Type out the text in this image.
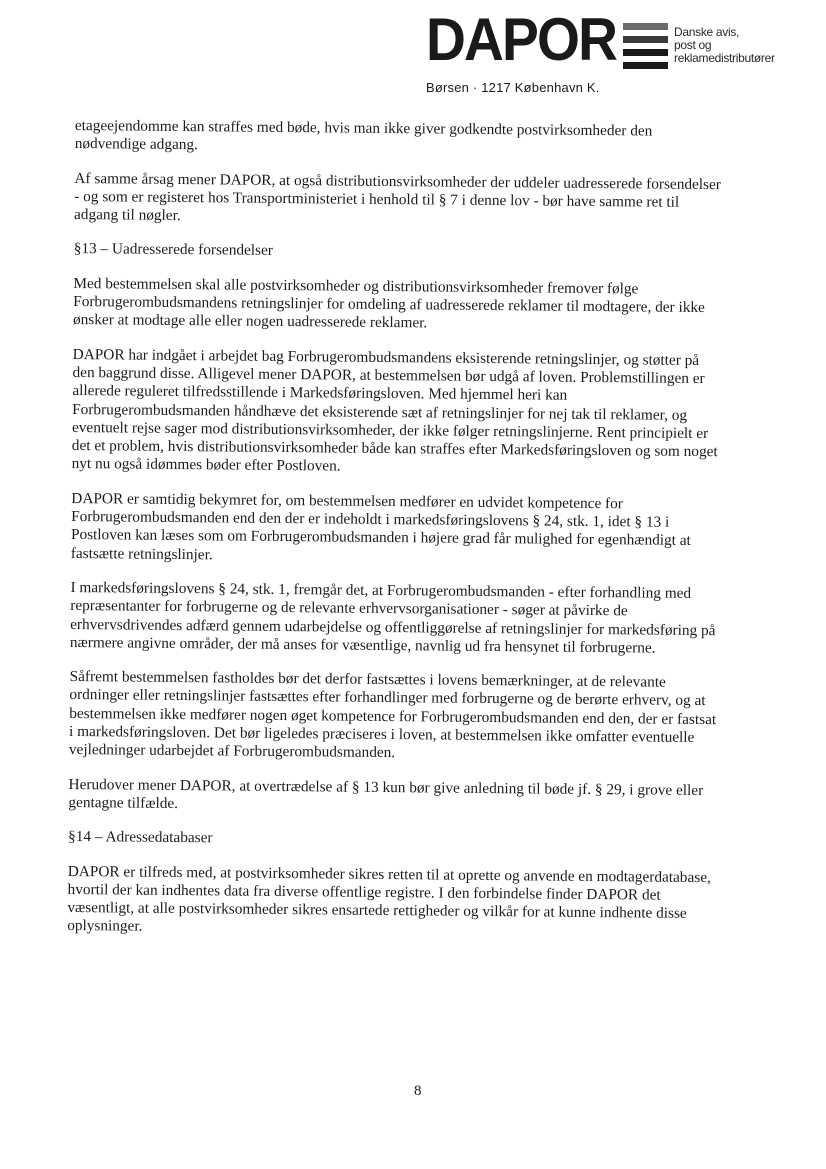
DAPOR	Danske avis,
post og
reklamedistributører
Børsen · 1217 København K.

etageejendomme kan straffes med bøde, hvis man ikke giver godkendte postvirksomheder den
nødvendige adgang.

Af samme årsag mener DAPOR, at også distributionsvirksomheder der uddeler uadresserede forsendelser
- og som er registeret hos Transportministeriet i henhold til § 7 i denne lov - bør have samme ret til
adgang til nøgler.

§13 – Uadresserede forsendelser

Med bestemmelsen skal alle postvirksomheder og distributionsvirksomheder fremover følge
Forbrugerombudsmandens retningslinjer for omdeling af uadresserede reklamer til modtagere, der ikke
ønsker at modtage alle eller nogen uadresserede reklamer.

DAPOR har indgået i arbejdet bag Forbrugerombudsmandens eksisterende retningslinjer, og støtter på
den baggrund disse. Alligevel mener DAPOR, at bestemmelsen bør udgå af loven. Problemstillingen er
allerede reguleret tilfredsstillende i Markedsføringsloven. Med hjemmel heri kan
Forbrugerombudsmanden håndhæve det eksisterende sæt af retningslinjer for nej tak til reklamer, og
eventuelt rejse sager mod distributionsvirksomheder, der ikke følger retningslinjerne. Rent principielt er
det et problem, hvis distributionsvirksomheder både kan straffes efter Markedsføringsloven og som noget
nyt nu også idømmes bøder efter Postloven.

DAPOR er samtidig bekymret for, om bestemmelsen medfører en udvidet kompetence for
Forbrugerombudsmanden end den der er indeholdt i markedsføringslovens § 24, stk. 1, idet § 13 i
Postloven kan læses som om Forbrugerombudsmanden i højere grad får mulighed for egenhændigt at
fastsætte retningslinjer.

I markedsføringslovens § 24, stk. 1, fremgår det, at Forbrugerombudsmanden - efter forhandling med
repræsentanter for forbrugerne og de relevante erhvervsorganisationer - søger at påvirke de
erhvervsdrivendes adfærd gennem udarbejdelse og offentliggørelse af retningslinjer for markedsføring på
nærmere angivne områder, der må anses for væsentlige, navnlig ud fra hensynet til forbrugerne.

Såfremt bestemmelsen fastholdes bør det derfor fastsættes i lovens bemærkninger, at de relevante
ordninger eller retningslinjer fastsættes efter forhandlinger med forbrugerne og de berørte erhverv, og at
bestemmelsen ikke medfører nogen øget kompetence for Forbrugerombudsmanden end den, der er fastsat
i markedsføringsloven. Det bør ligeledes præciseres i loven, at bestemmelsen ikke omfatter eventuelle
vejledninger udarbejdet af Forbrugerombudsmanden.

Herudover mener DAPOR, at overtrædelse af § 13 kun bør give anledning til bøde jf. § 29, i grove eller
gentagne tilfælde.

§14 – Adressedatabaser

DAPOR er tilfreds med, at postvirksomheder sikres retten til at oprette og anvende en modtagerdatabase,
hvortil der kan indhentes data fra diverse offentlige registre. I den forbindelse finder DAPOR det
væsentligt, at alle postvirksomheder sikres ensartede rettigheder og vilkår for at kunne indhente disse
oplysninger.

8
